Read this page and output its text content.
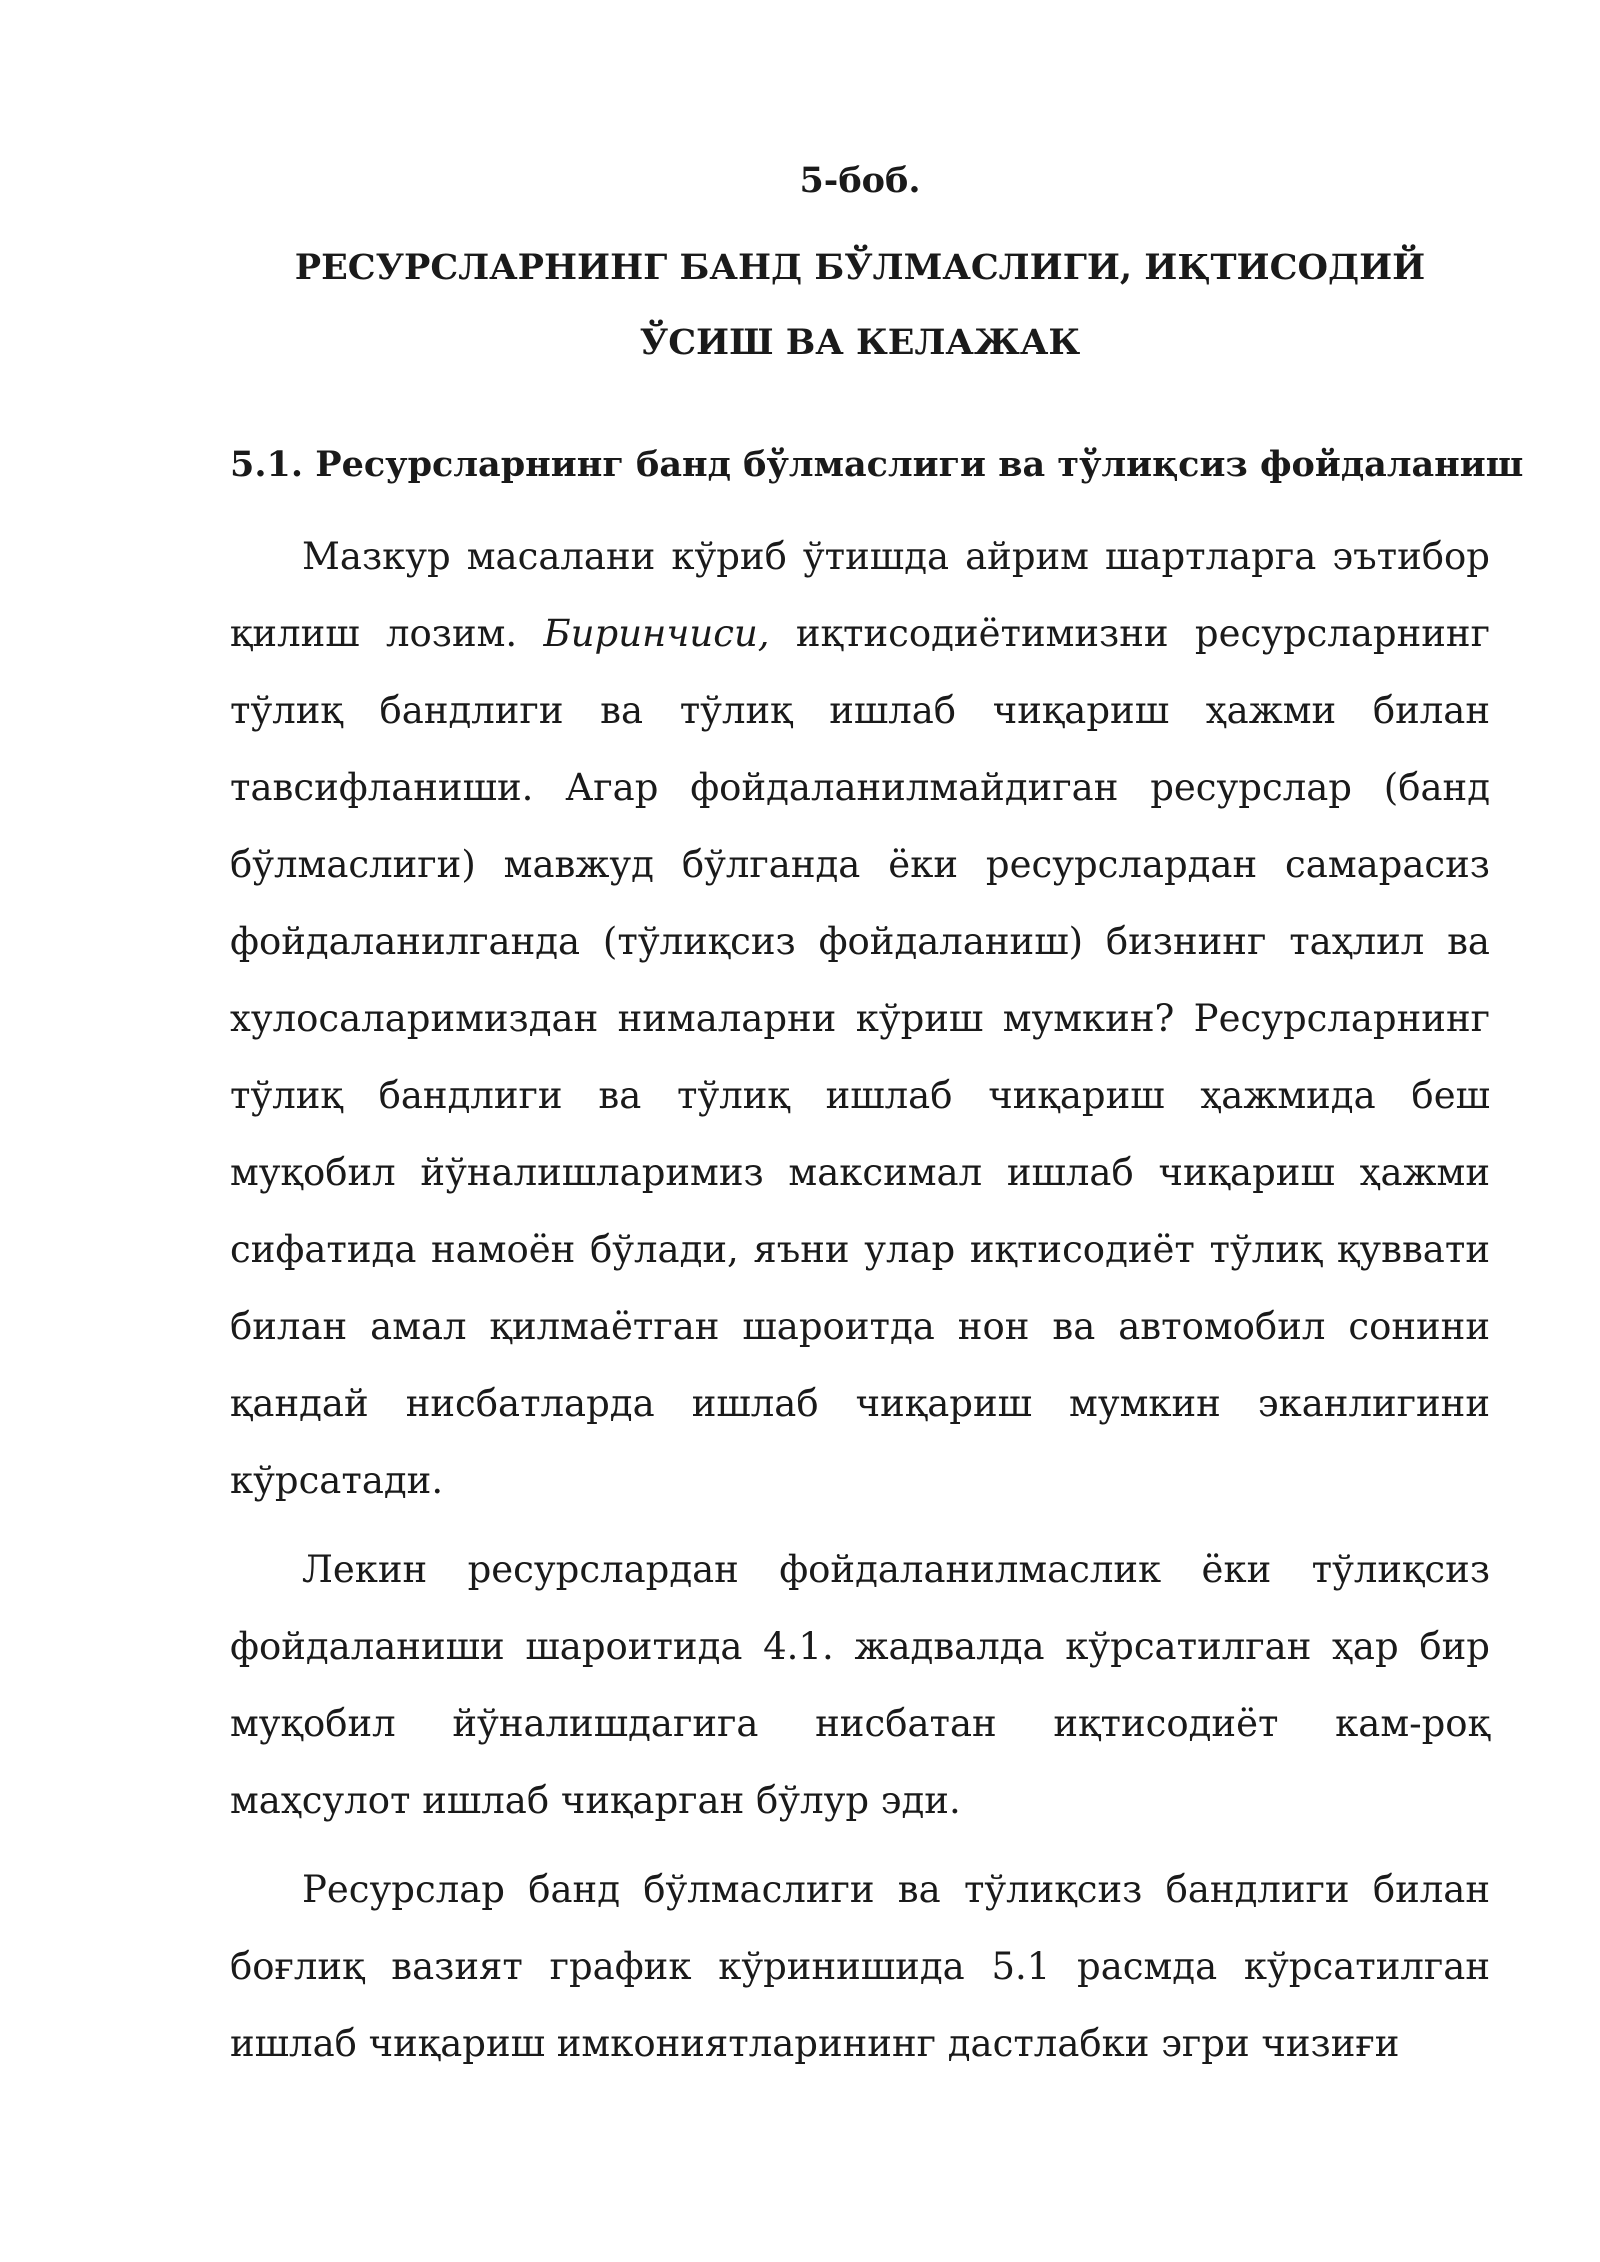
5-боб.
РЕСУРСЛАРНИНГ БАНД БЎЛМАСЛИГИ, ИҚТИСОДИЙ
ЎСИШ ВА КЕЛАЖАК
5.1. Ресурсларнинг банд бўлмаслиги ва тўлиқсиз фойдаланиш

Мазкур масалани кўриб ўтишда айрим шартларга эътибор қилиш лозим. Биринчиси, иқтисодиётимизни ресурсларнинг тўлиқ бандлиги ва тўлиқ ишлаб чиқариш ҳажми билан тавсифланиши. Агар фойдаланилмайдиган ресурслар (банд бўлмаслиги) мавжуд бўлганда ёки ресурслардан самарасиз фойдаланилганда (тўлиқсиз фойдаланиш) бизнинг таҳлил ва хулосаларимиздан нималарни кўриш мумкин? Ресурсларнинг тўлиқ бандлиги ва тўлиқ ишлаб чиқариш ҳажмида беш муқобил йўналишларимиз максимал ишлаб чиқариш ҳажми сифатида намоён бўлади, яъни улар иқтисодиёт тўлиқ қуввати билан амал қилмаётган шароитда нон ва автомобил сонини қандай нисбатларда ишлаб чиқариш мумкин эканлигини кўрсатади.

Лекин ресурслардан фойдаланилмаслик ёки тўлиқсиз фойдаланиши шароитида 4.1. жадвалда кўрсатилган ҳар бир муқобил йўналишдагига нисбатан иқтисодиёт кам-роқ маҳсулот ишлаб чиқарган бўлур эди.

Ресурслар банд бўлмаслиги ва тўлиқсиз бандлиги билан боғлиқ вазият график кўринишида 5.1 расмда кўрсатилган ишлаб чиқариш имкониятларининг дастлабки эгри чизиғи
